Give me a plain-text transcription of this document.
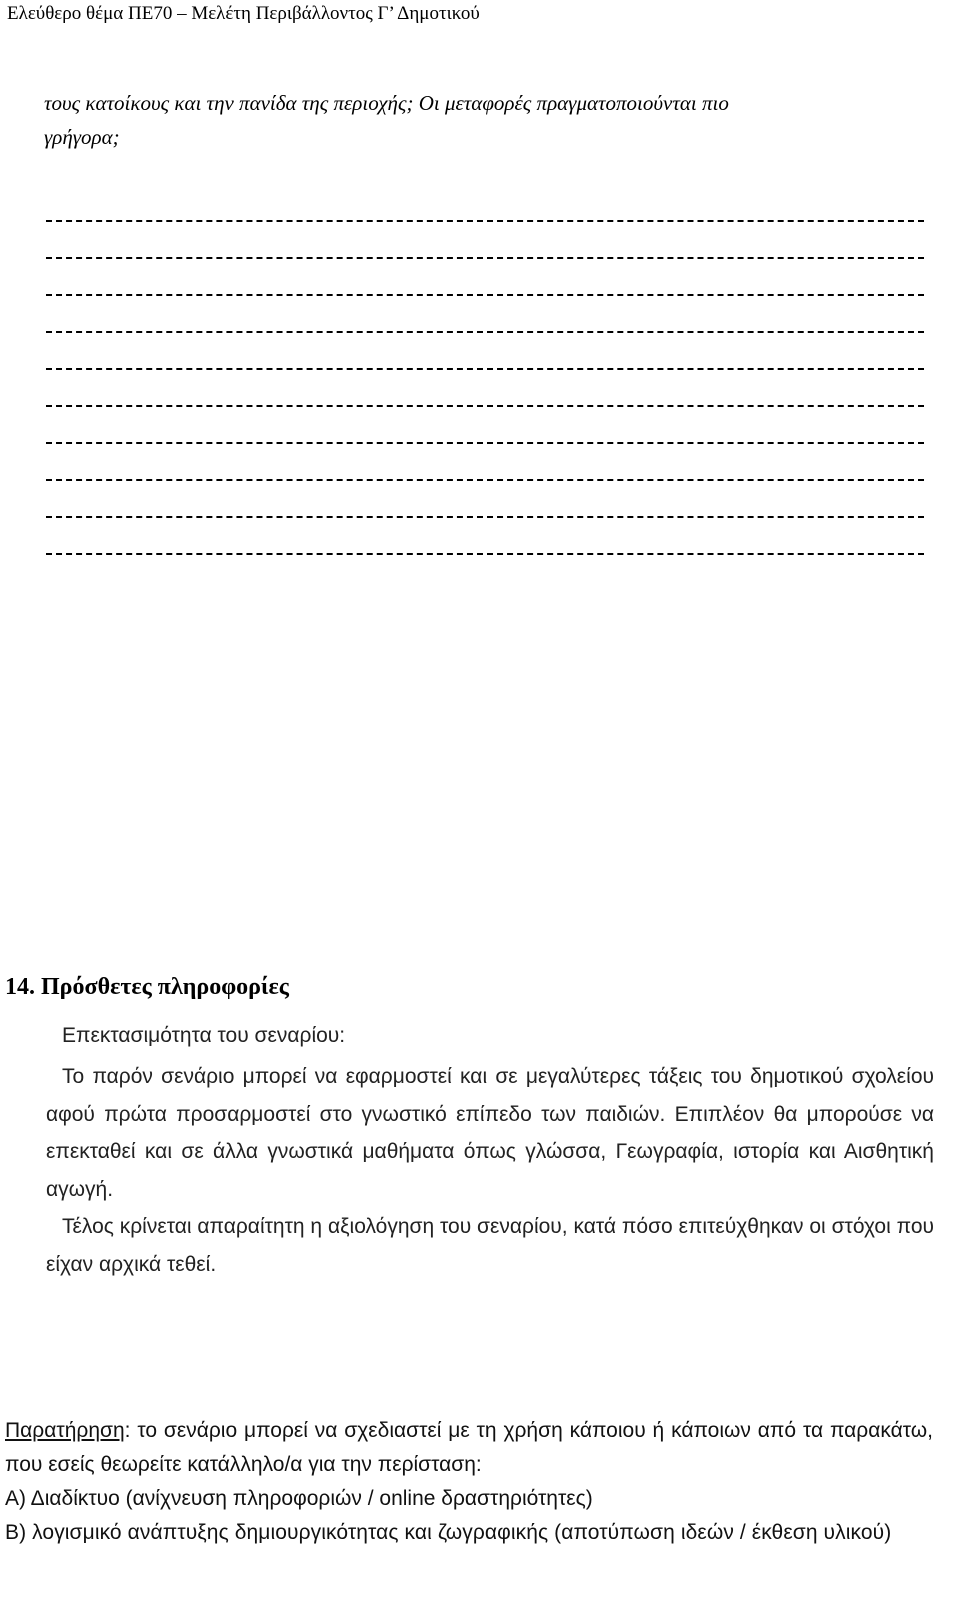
Ελεύθερο θέμα ΠΕ70 – Μελέτη Περιβάλλοντος Γ’ Δημοτικού

τους κατοίκους και την πανίδα της περιοχής; Οι μεταφορές πραγματοποιούνται πιο

γρήγορα;

14. Πρόσθετες πληροφορίες
Επεκτασιμότητα του σεναρίου:

Το παρόν σενάριο μπορεί να εφαρμοστεί και σε μεγαλύτερες τάξεις του δημοτικού σχολείου αφού πρώτα προσαρμοστεί στο γνωστικό επίπεδο των παιδιών. Επιπλέον θα μπορούσε να επεκταθεί και σε άλλα γνωστικά μαθήματα όπως γλώσσα, Γεωγραφία, ιστορία και Αισθητική αγωγή.

Τέλος κρίνεται απαραίτητη η αξιολόγηση του σεναρίου, κατά πόσο επιτεύχθηκαν οι στόχοι που είχαν αρχικά τεθεί.

Παρατήρηση: το σενάριο μπορεί να σχεδιαστεί με τη χρήση κάποιου ή κάποιων από τα παρακάτω, που εσείς θεωρείτε κατάλληλο/α για την περίσταση:

Α) Διαδίκτυο (ανίχνευση πληροφοριών / online δραστηριότητες)

Β) λογισμικό ανάπτυξης δημιουργικότητας και ζωγραφικής (αποτύπωση ιδεών / έκθεση υλικού)
